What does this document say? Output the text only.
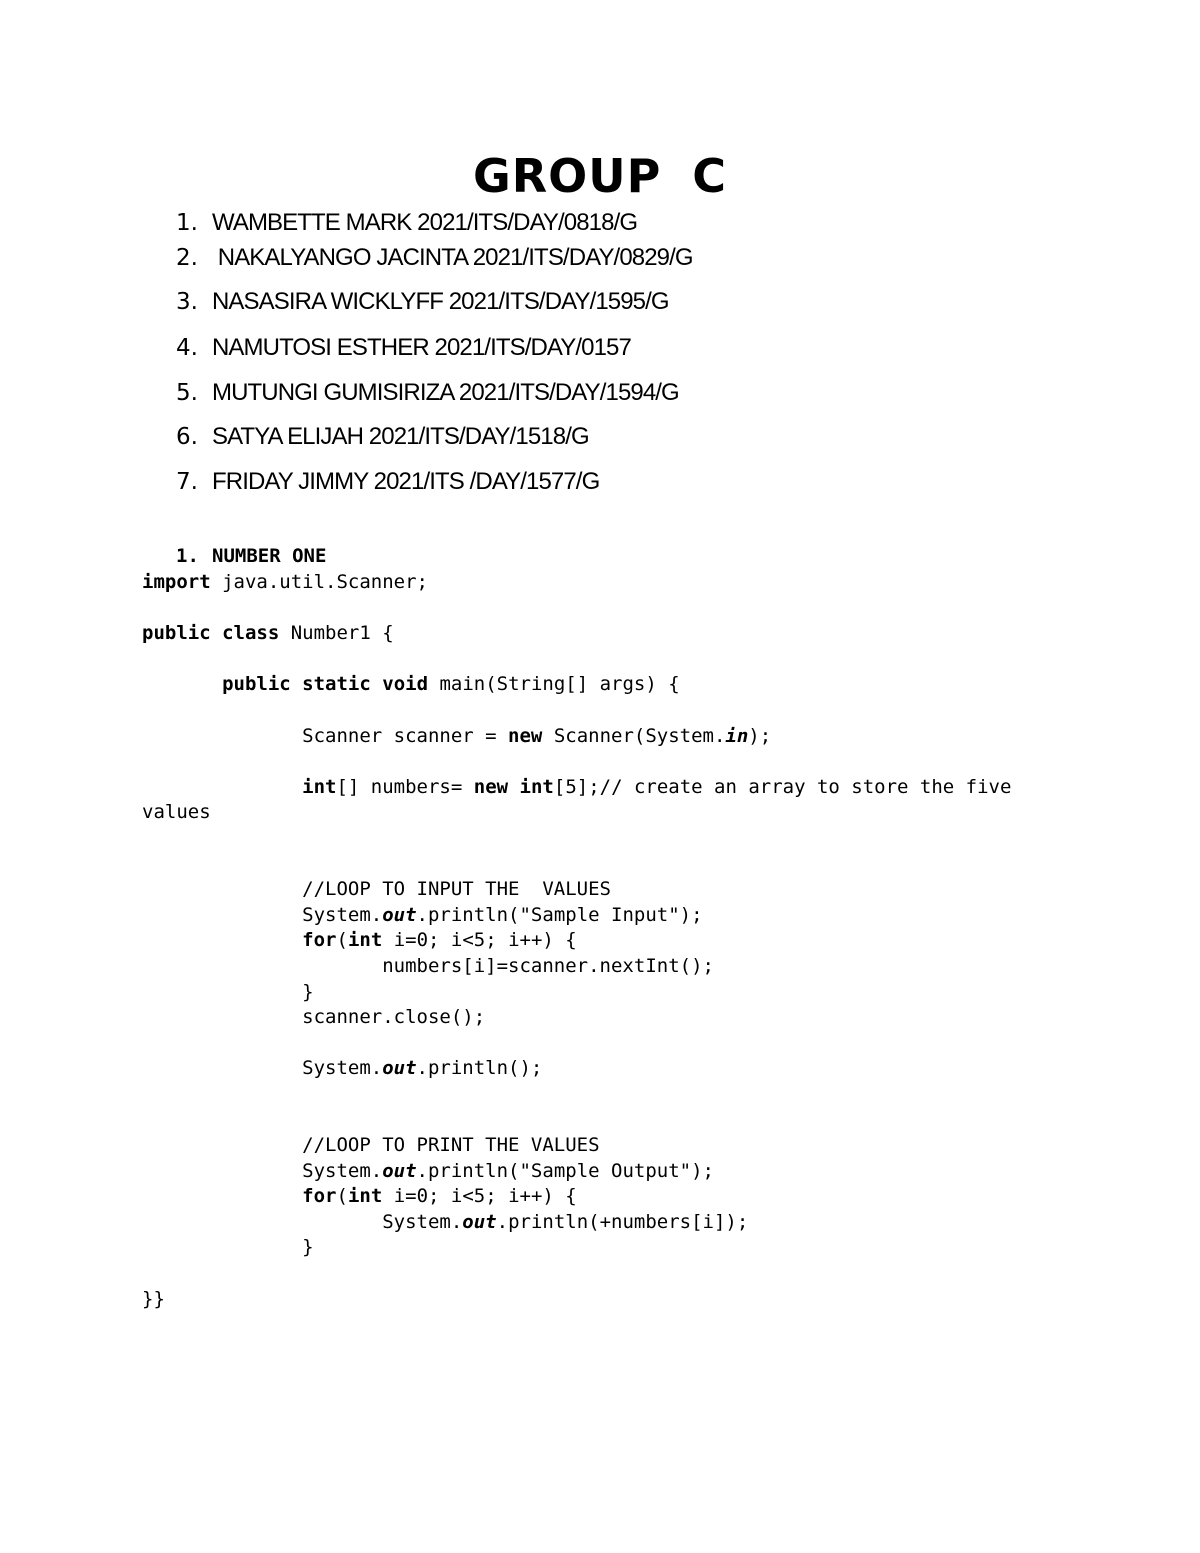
GROUP C
1. WAMBETTE MARK 2021/ITS/DAY/0818/G
2. NAKALYANGO JACINTA 2021/ITS/DAY/0829/G
3. NASASIRA WICKLYFF 2021/ITS/DAY/1595/G
4. NAMUTOSI ESTHER 2021/ITS/DAY/0157
5. MUTUNGI GUMISIRIZA 2021/ITS/DAY/1594/G
6. SATYA ELIJAH 2021/ITS/DAY/1518/G
7. FRIDAY JIMMY 2021/ITS /DAY/1577/G
1. NUMBER ONE
import java.util.Scanner;

public class Number1 {

public static void main(String[] args) {

Scanner scanner = new Scanner(System.in);

int[] numbers= new int[5];// create an array to store the five
values

//LOOP TO INPUT THE  VALUES
System.out.println("Sample Input");
for(int i=0; i<5; i++) {
numbers[i]=scanner.nextInt();
}
scanner.close();

System.out.println();

//LOOP TO PRINT THE VALUES
System.out.println("Sample Output");
for(int i=0; i<5; i++) {
System.out.println(+numbers[i]);
}

}}
